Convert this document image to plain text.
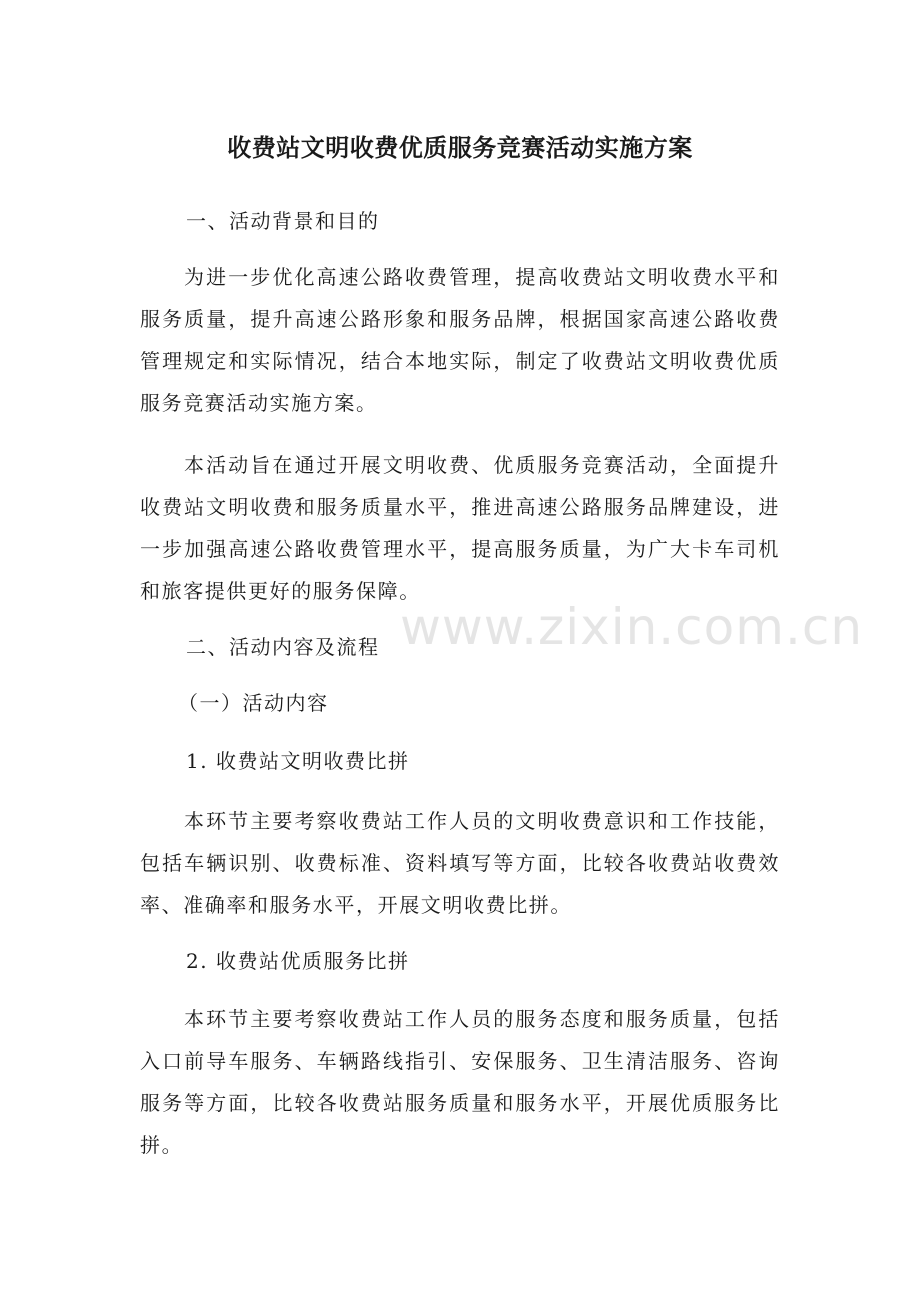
收费站文明收费优质服务竞赛活动实施方案
一、活动背景和目的
为进一步优化高速公路收费管理，提高收费站文明收费水平和服务质量，提升高速公路形象和服务品牌，根据国家高速公路收费管理规定和实际情况，结合本地实际，制定了收费站文明收费优质服务竞赛活动实施方案。
本活动旨在通过开展文明收费、优质服务竞赛活动，全面提升收费站文明收费和服务质量水平，推进高速公路服务品牌建设，进一步加强高速公路收费管理水平，提高服务质量，为广大卡车司机和旅客提供更好的服务保障。
二、活动内容及流程
（一）活动内容
1. 收费站文明收费比拼
本环节主要考察收费站工作人员的文明收费意识和工作技能，包括车辆识别、收费标准、资料填写等方面，比较各收费站收费效率、准确率和服务水平，开展文明收费比拼。
2. 收费站优质服务比拼
本环节主要考察收费站工作人员的服务态度和服务质量，包括入口前导车服务、车辆路线指引、安保服务、卫生清洁服务、咨询服务等方面，比较各收费站服务质量和服务水平，开展优质服务比拼。
www.zixin.com.cn
